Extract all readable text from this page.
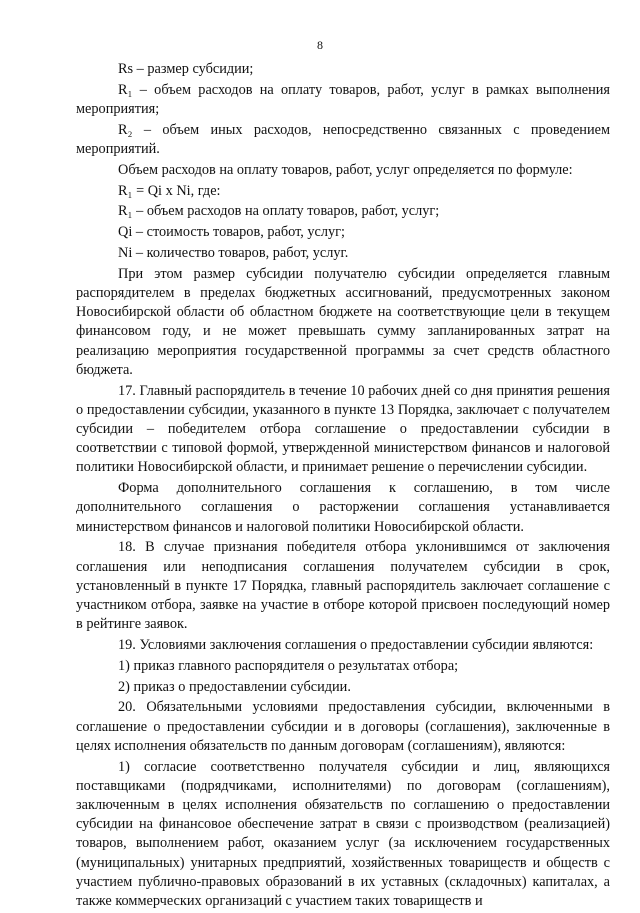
8

Rs – размер субсидии;

R₁ – объем расходов на оплату товаров, работ, услуг в рамках выполнения мероприятия;

R₂ – объем иных расходов, непосредственно связанных с проведением мероприятий.

Объем расходов на оплату товаров, работ, услуг определяется по формуле:

R₁ = Qi x Ni, где:

R₁ – объем расходов на оплату товаров, работ, услуг;

Qi – стоимость товаров, работ, услуг;

Ni – количество товаров, работ, услуг.

При этом размер субсидии получателю субсидии определяется главным распорядителем в пределах бюджетных ассигнований, предусмотренных законом Новосибирской области об областном бюджете на соответствующие цели в текущем финансовом году, и не может превышать сумму запланированных затрат на реализацию мероприятия государственной программы за счет средств областного бюджета.

17. Главный распорядитель в течение 10 рабочих дней со дня принятия решения о предоставлении субсидии, указанного в пункте 13 Порядка, заключает с получателем субсидии – победителем отбора соглашение о предоставлении субсидии в соответствии с типовой формой, утвержденной министерством финансов и налоговой политики Новосибирской области, и принимает решение о перечислении субсидии.

Форма дополнительного соглашения к соглашению, в том числе дополнительного соглашения о расторжении соглашения устанавливается министерством финансов и налоговой политики Новосибирской области.

18. В случае признания победителя отбора уклонившимся от заключения соглашения или неподписания соглашения получателем субсидии в срок, установленный в пункте 17 Порядка, главный распорядитель заключает соглашение с участником отбора, заявке на участие в отборе которой присвоен последующий номер в рейтинге заявок.

19. Условиями заключения соглашения о предоставлении субсидии являются:

1) приказ главного распорядителя о результатах отбора;

2) приказ о предоставлении субсидии.

20. Обязательными условиями предоставления субсидии, включенными в соглашение о предоставлении субсидии и в договоры (соглашения), заключенные в целях исполнения обязательств по данным договорам (соглашениям), являются:

1) согласие соответственно получателя субсидии и лиц, являющихся поставщиками (подрядчиками, исполнителями) по договорам (соглашениям), заключенным в целях исполнения обязательств по соглашению о предоставлении субсидии на финансовое обеспечение затрат в связи с производством (реализацией) товаров, выполнением работ, оказанием услуг (за исключением государственных (муниципальных) унитарных предприятий, хозяйственных товариществ и обществ с участием публично-правовых образований в их уставных (складочных) капиталах, а также коммерческих организаций с участием таких товариществ и
